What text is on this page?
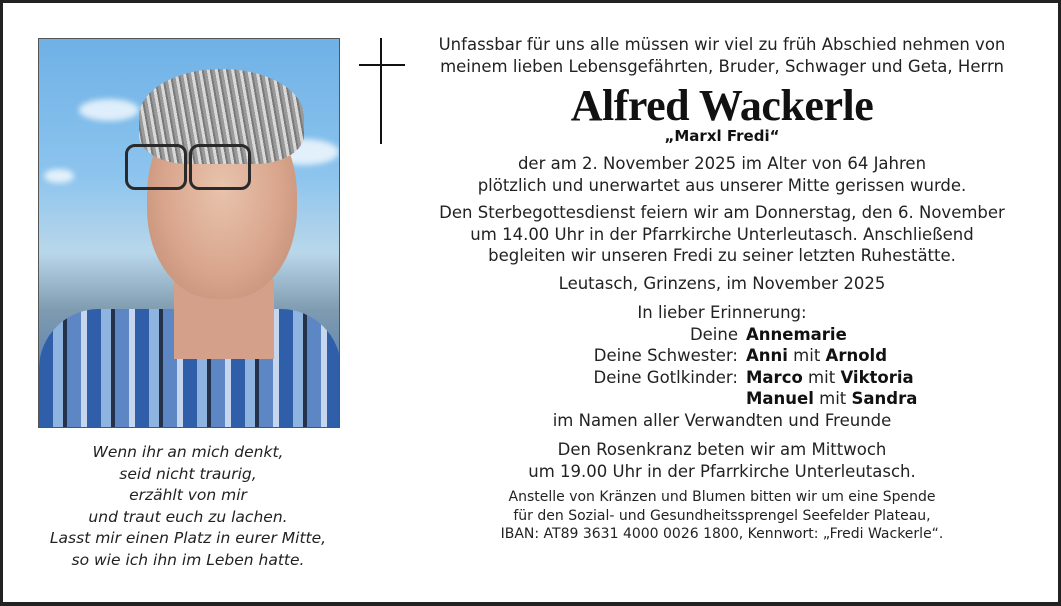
Wenn ihr an mich denkt,
seid nicht traurig,
erzählt von mir
und traut euch zu lachen.
Lasst mir einen Platz in eurer Mitte,
so wie ich ihn im Leben hatte.
Unfassbar für uns alle müssen wir viel zu früh Abschied nehmen von
meinem lieben Lebensgefährten, Bruder, Schwager und Geta, Herrn
Alfred Wackerle
„Marxl Fredi“
der am 2. November 2025 im Alter von 64 Jahren
plötzlich und unerwartet aus unserer Mitte gerissen wurde.
Den Sterbegottesdienst feiern wir am Donnerstag, den 6. November
um 14.00 Uhr in der Pfarrkirche Unterleutasch. Anschließend
begleiten wir unseren Fredi zu seiner letzten Ruhestätte.
Leutasch, Grinzens, im November 2025
In lieber Erinnerung:
Deine Annemarie
Deine Schwester: Anni mit Arnold
Deine Gotlkinder: Marco mit Viktoria
Manuel mit Sandra
im Namen aller Verwandten und Freunde
Den Rosenkranz beten wir am Mittwoch
um 19.00 Uhr in der Pfarrkirche Unterleutasch.
Anstelle von Kränzen und Blumen bitten wir um eine Spende
für den Sozial- und Gesundheitssprengel Seefelder Plateau,
IBAN: AT89 3631 4000 0026 1800, Kennwort: „Fredi Wackerle“.
